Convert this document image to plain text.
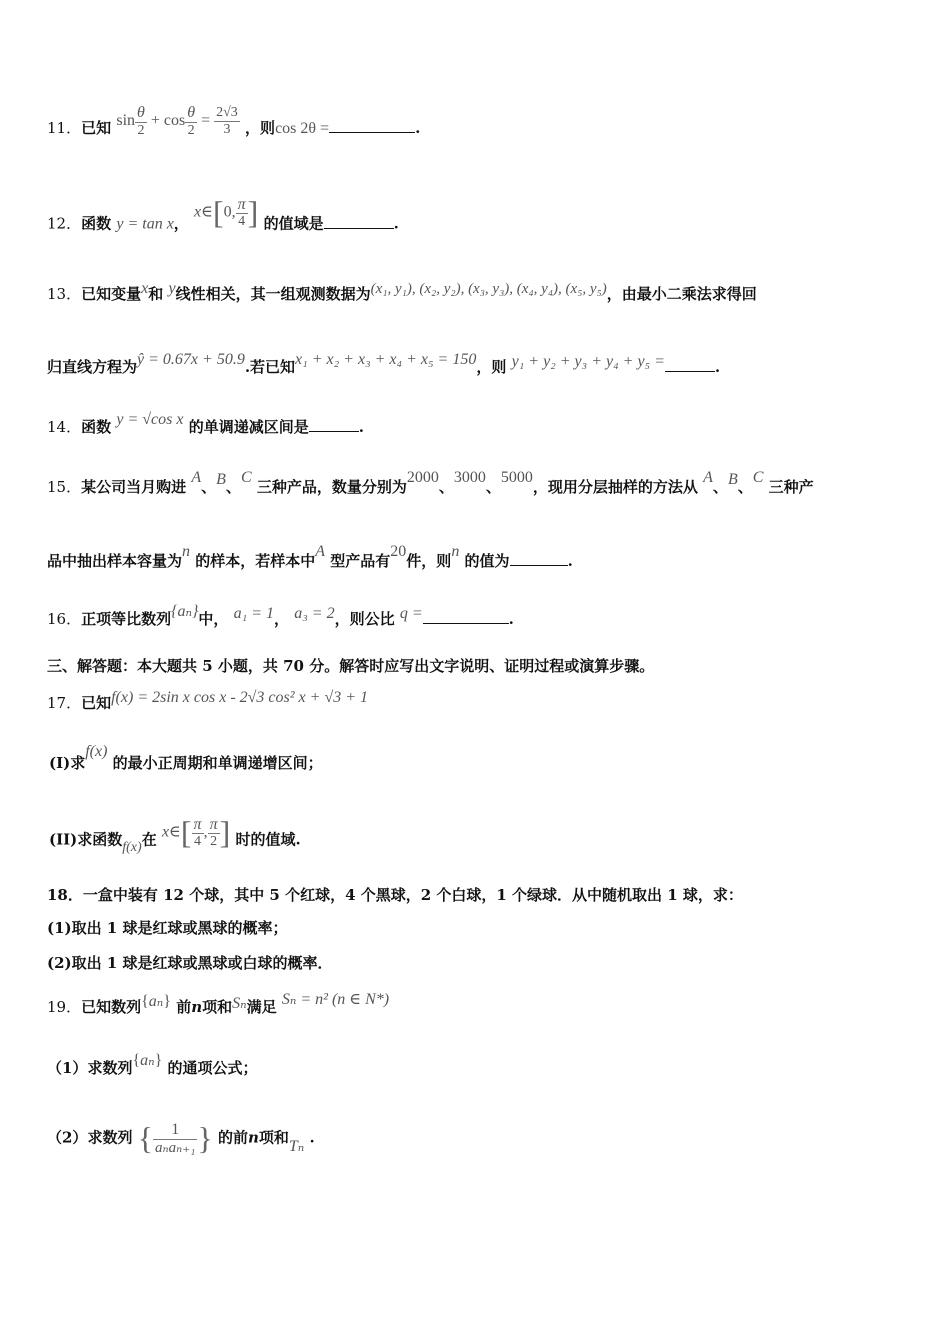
11．已知 $\sin \frac{\theta}{2} + \cos \frac{\theta}{2} = \frac{2√3}{3}$ ，则cos 2θ =	.
12．函数 y = tan x， x∈[0, $\frac{\pi}{4}$ ] 的值域是	.
13．已知变量x和 y线性相关，其一组观测数据为(x₁, y₁), (x₂, y₂), (x₃, y₃), (x₄, y₄), (x₅, y₅)，由最小二乘法求得回
归直线方程为ŷ = 0.67x + 50.9.若已知x₁ + x₂ + x₃ + x₄ + x₅ = 150，则 y₁ + y₂ + y₃ + y₄ + y₅ =	.
14．函数 y = √cos x 的单调递减区间是	.
15．某公司当月购进 A、B、C 三种产品，数量分别为2000、3000、5000，现用分层抽样的方法从 A、B、C 三种产
品中抽出样本容量为n 的样本，若样本中A 型产品有20件，则n 的值为	.
16．正项等比数列{aₙ}中， a₁ = 1， a₃ = 2，则公比 q =	.
三、解答题：本大题共 5 小题，共 70 分。解答时应写出文字说明、证明过程或演算步骤。
17．已知f(x) = 2sin x cos x - 2√3 cos² x + √3 + 1
(I)求f(x) 的最小正周期和单调递增区间；
(II)求函数f(x)在 x∈[ $\frac{\pi}{4}$ , $\frac{\pi}{2}$ ] 时的值域.
18．一盒中装有 12 个球，其中 5 个红球，4 个黑球，2 个白球，1 个绿球．从中随机取出 1 球，求：
(1)取出 1 球是红球或黑球的概率；
(2)取出 1 球是红球或黑球或白球的概率．
19．已知数列{aₙ} 前n项和Sₙ满足 Sₙ = n² (n ∈ N*)
（1）求数列{aₙ} 的通项公式；
（2）求数列 { $\frac{1}{\text{aₙaₙ₊₁}}$ } 的前n项和Tₙ .
